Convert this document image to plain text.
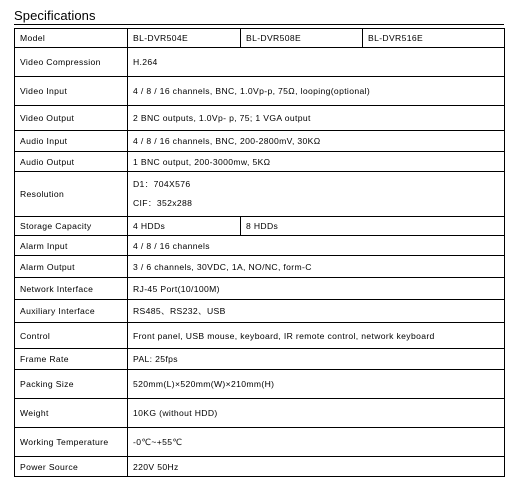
Specifications
Model	BL-DVR504E	BL-DVR508E	BL-DVR516E
Video Compression	H.264		
Video Input	4 / 8 / 16 channels, BNC, 1.0Vp-p, 75Ω, looping(optional)		
Video Output	2 BNC outputs, 1.0Vp- p, 75; 1 VGA output		
Audio Input	4 / 8 / 16 channels, BNC, 200-2800mV, 30KΩ		
Audio Output	1 BNC output, 200-3000mw, 5KΩ		
Resolution	D1：704X576
CIF：352x288		

Storage Capacity	4 HDDs	8 HDDs	
Alarm Input	4 / 8 / 16 channels		
Alarm Output	3 / 6 channels, 30VDC, 1A, NO/NC, form-C		
Network Interface	RJ-45 Port(10/100M)		
Auxiliary Interface	RS485、RS232、USB		
Control	Front panel, USB mouse, keyboard, IR remote control, network keyboard		
Frame Rate	PAL: 25fps		
Packing Size	520mm(L)×520mm(W)×210mm(H)		
Weight	10KG (without HDD)		
Working Temperature	-0℃~+55℃		
Power Source	220V 50Hz		
